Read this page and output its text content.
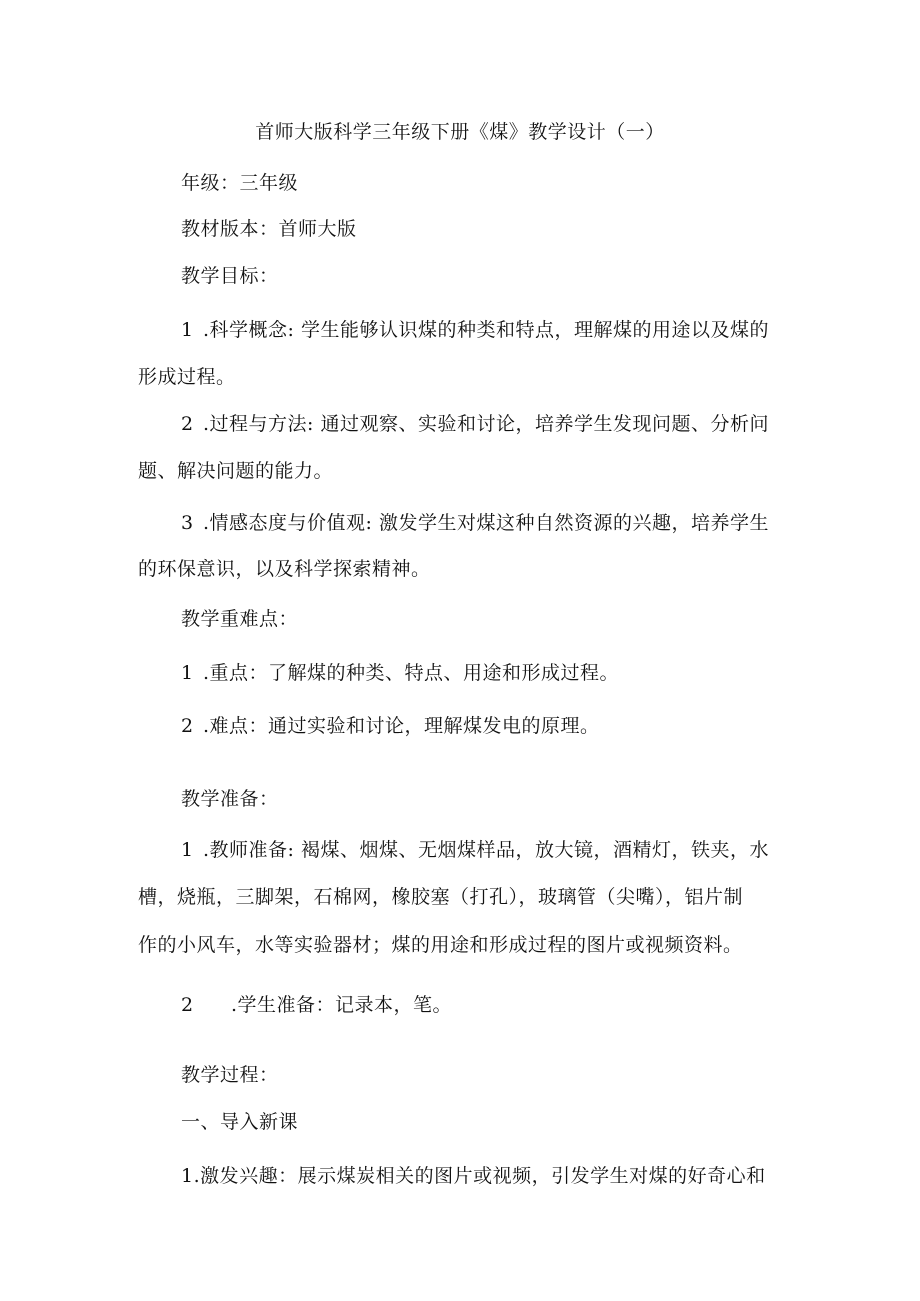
首师大版科学三年级下册《煤》教学设计（一）
年级：三年级
教材版本：首师大版
教学目标：
1 .科学概念: 学生能够认识煤的种类和特点，理解煤的用途以及煤的
形成过程。
2 .过程与方法: 通过观察、实验和讨论，培养学生发现问题、分析问
题、解决问题的能力。
3 .情感态度与价值观: 激发学生对煤这种自然资源的兴趣，培养学生
的环保意识，以及科学探索精神。
教学重难点：
1 .重点：了解煤的种类、特点、用途和形成过程。
2 .难点：通过实验和讨论，理解煤发电的原理。
教学准备：
1 .教师准备: 褐煤、烟煤、无烟煤样品，放大镜，酒精灯，铁夹，水
槽，烧瓶，三脚架，石棉网，橡胶塞（打孔），玻璃管（尖嘴），铝片制
作的小风车，水等实验器材；煤的用途和形成过程的图片或视频资料。
2 .学生准备：记录本，笔。
教学过程：
一、导入新课
1.激发兴趣：展示煤炭相关的图片或视频，引发学生对煤的好奇心和
